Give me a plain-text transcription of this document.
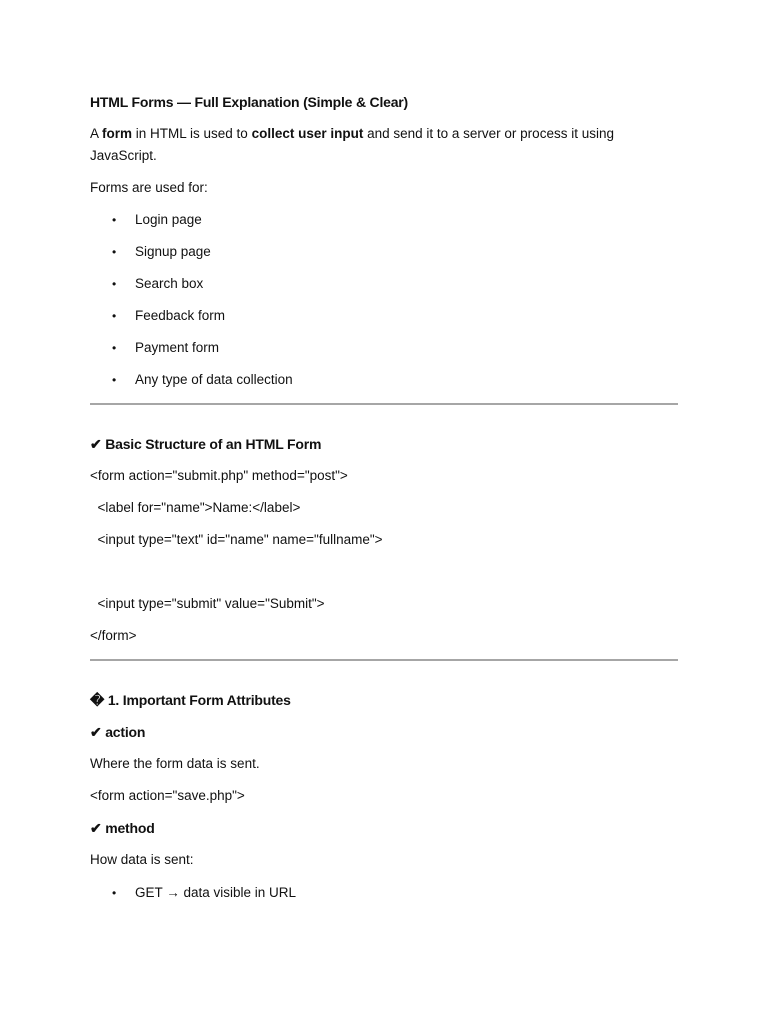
HTML Forms — Full Explanation (Simple & Clear)
A form in HTML is used to collect user input and send it to a server or process it using
JavaScript.
Forms are used for:
• Login page
• Signup page
• Search box
• Feedback form
• Payment form
• Any type of data collection
✔ Basic Structure of an HTML Form
<form action="submit.php" method="post">
<label for="name">Name:</label>
<input type="text" id="name" name="fullname">
<input type="submit" value="Submit">
</form>
� 1. Important Form Attributes
✔ action
Where the form data is sent.
<form action="save.php">
✔ method
How data is sent:
• GET → data visible in URL
